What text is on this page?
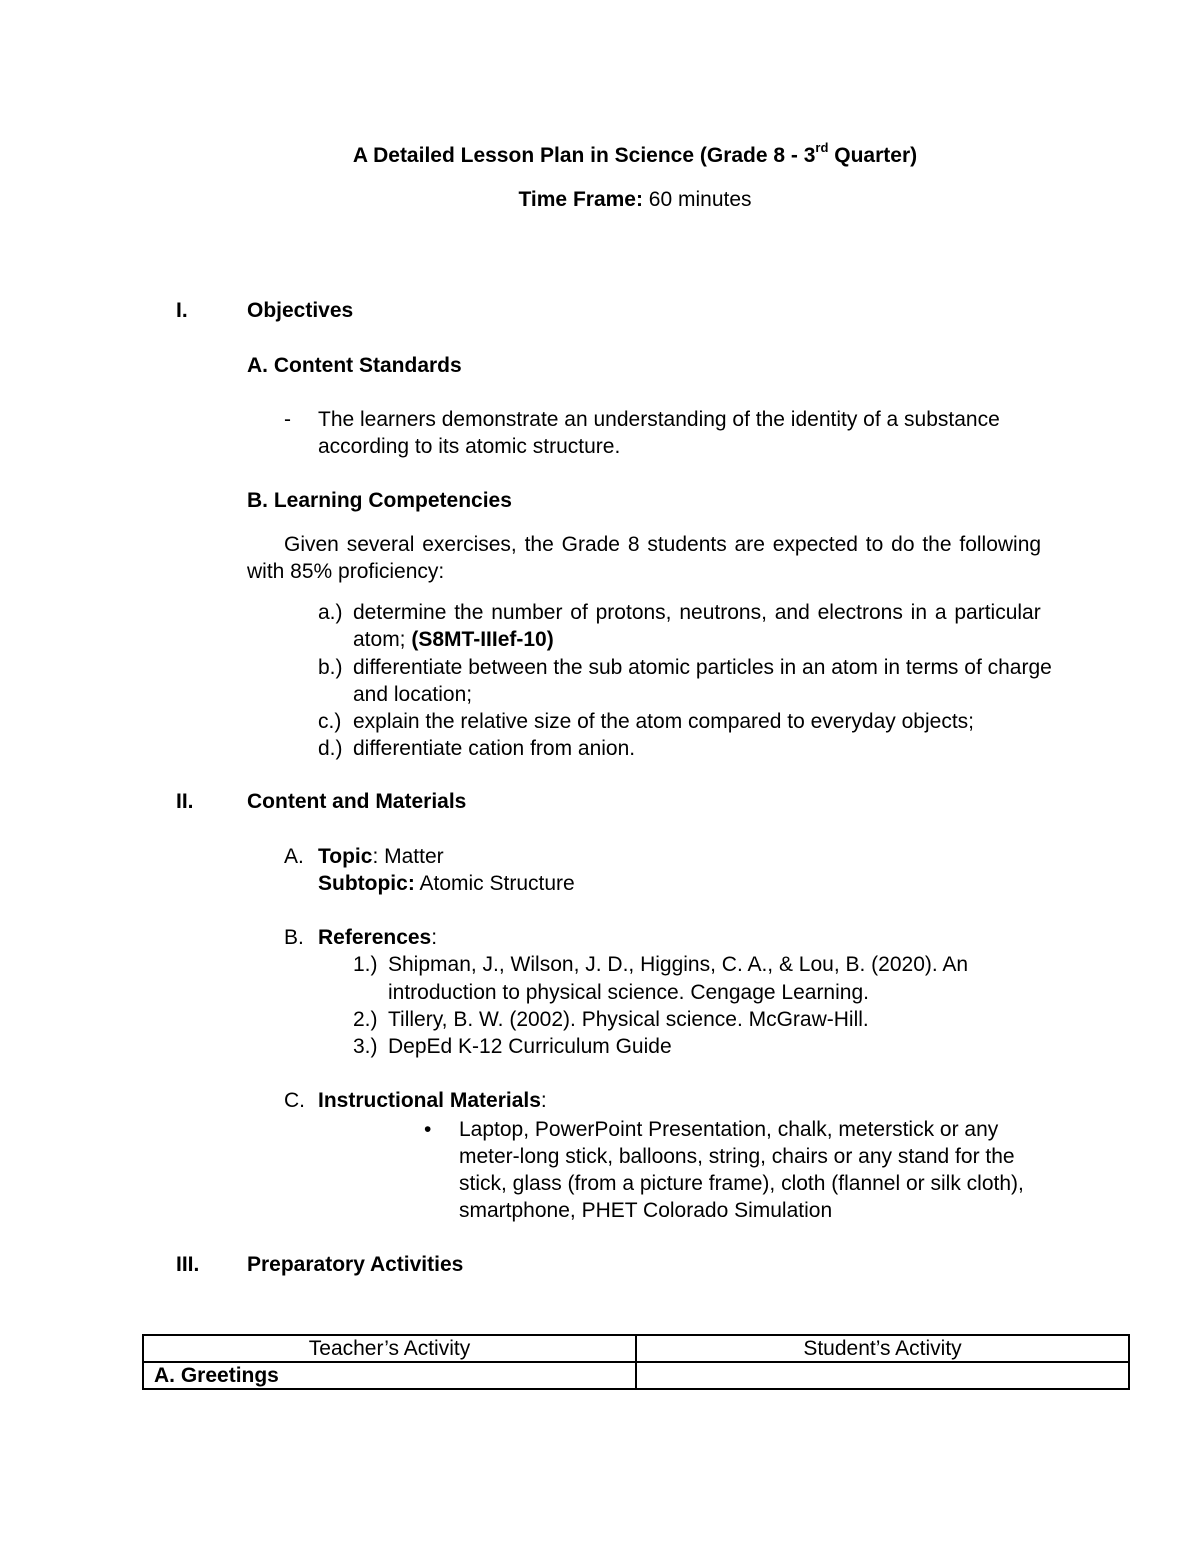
A Detailed Lesson Plan in Science (Grade 8 - 3rd Quarter)
Time Frame: 60 minutes
I.	Objectives
A. Content Standards
- The learners demonstrate an understanding of the identity of a substance
according to its atomic structure.
B. Learning Competencies
Given several exercises, the Grade 8 students are expected to do the following
with 85% proficiency:
a.) determine the number of protons, neutrons, and electrons in a particular
atom; (S8MT-IIIef-10)
b.) differentiate between the sub atomic particles in an atom in terms of charge
and location;
c.) explain the relative size of the atom compared to everyday objects;
d.) differentiate cation from anion.
II.	Content and Materials
A. Topic: Matter
Subtopic: Atomic Structure
B. References:
1.) Shipman, J., Wilson, J. D., Higgins, C. A., & Lou, B. (2020). An
introduction to physical science. Cengage Learning.
2.) Tillery, B. W. (2002). Physical science. McGraw-Hill.
3.) DepEd K-12 Curriculum Guide
C. Instructional Materials:
• Laptop, PowerPoint Presentation, chalk, meterstick or any
meter-long stick, balloons, string, chairs or any stand for the
stick, glass (from a picture frame), cloth (flannel or silk cloth),
smartphone, PHET Colorado Simulation
III. Preparatory Activities
Teacher’s Activity	Student’s Activity
A. Greetings	
